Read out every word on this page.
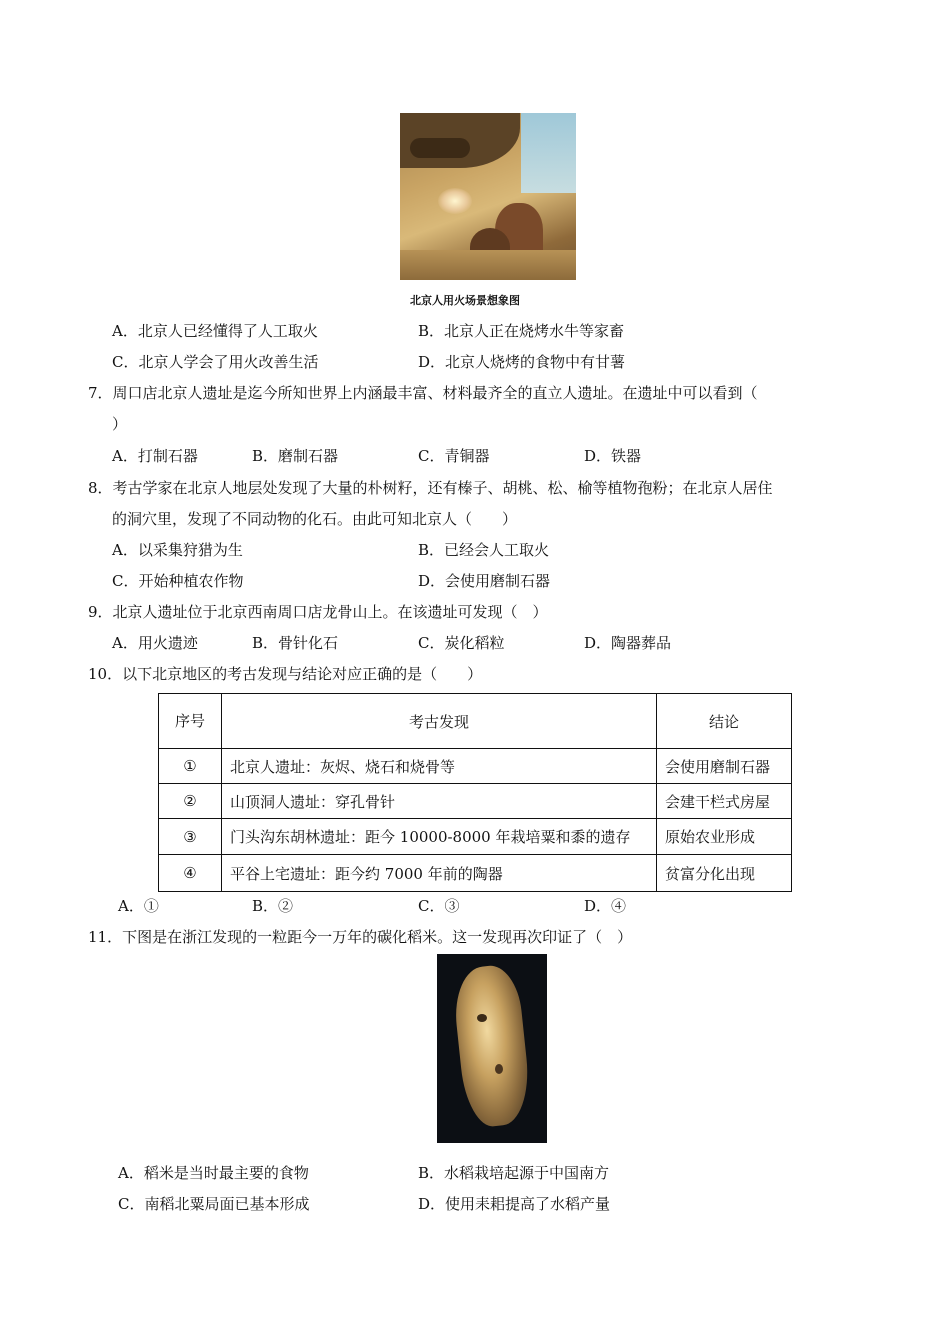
北京人用火场景想象图
A．北京人已经懂得了人工取火	B．北京人正在烧烤水牛等家畜
C．北京人学会了用火改善生活	D．北京人烧烤的食物中有甘薯
7．周口店北京人遗址是迄今所知世界上内涵最丰富、材料最齐全的直立人遗址。在遗址中可以看到（
）
A．打制石器	B．磨制石器	C．青铜器	D．铁器
8．考古学家在北京人地层处发现了大量的朴树籽，还有榛子、胡桃、松、榆等植物孢粉；在北京人居住
的洞穴里，发现了不同动物的化石。由此可知北京人（　　）
A．以采集狩猎为生	B．已经会人工取火
C．开始种植农作物	D．会使用磨制石器
9．北京人遗址位于北京西南周口店龙骨山上。在该遗址可发现（　）
A．用火遗迹	B．骨针化石	C．炭化稻粒	D．陶器葬品
10．以下北京地区的考古发现与结论对应正确的是（　　）
序号	考古发现	结论
①	北京人遗址：灰烬、烧石和烧骨等	会使用磨制石器
②	山顶洞人遗址：穿孔骨针	会建干栏式房屋
③	门头沟东胡林遗址：距今 10000-8000 年栽培粟和黍的遗存	原始农业形成
④	平谷上宅遗址：距今约 7000 年前的陶器	贫富分化出现
A．①	B．②	C．③	D．④
11．下图是在浙江发现的一粒距今一万年的碳化稻米。这一发现再次印证了（　）
A．稻米是当时最主要的食物	B．水稻栽培起源于中国南方
C．南稻北粟局面已基本形成	D．使用耒耜提高了水稻产量
